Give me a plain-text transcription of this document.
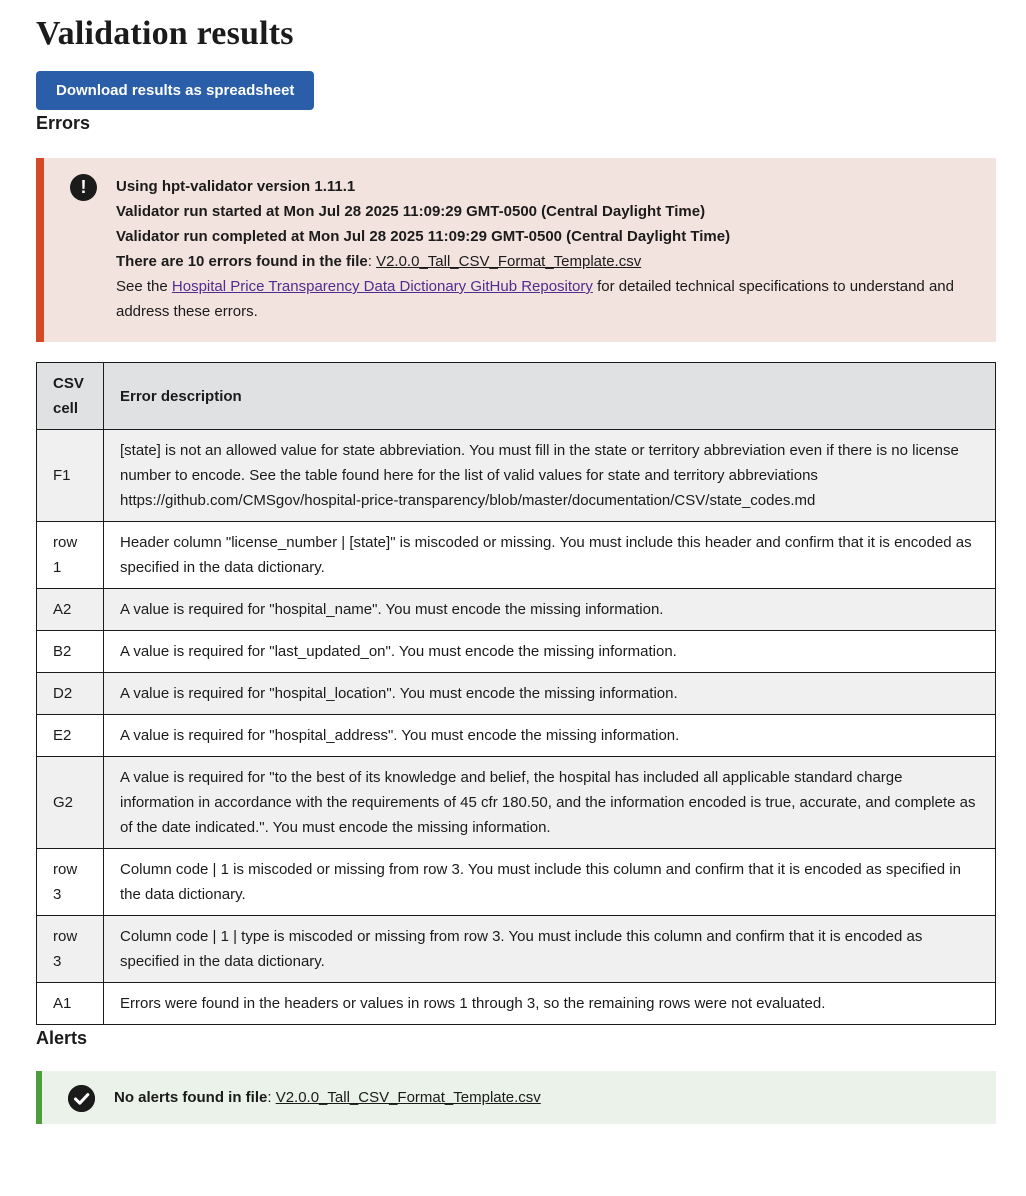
Validation results
Download results as spreadsheet
Errors
!	Using hpt-validator version 1.11.1

Validator run started at Mon Jul 28 2025 11:09:29 GMT-0500 (Central Daylight Time)

Validator run completed at Mon Jul 28 2025 11:09:29 GMT-0500 (Central Daylight Time)

There are 10 errors found in the file: V2.0.0_Tall_CSV_Format_Template.csv

See the Hospital Price Transparency Data Dictionary GitHub Repository for detailed technical specifications to understand and address these errors.

CSV cell	Error description
F1	[state] is not an allowed value for state abbreviation. You must fill in the state or territory abbreviation even if there is no license number to encode. See the table found here for the list of valid values for state and territory abbreviations https://github.com/CMSgov/hospital-price-transparency/blob/master/documentation/CSV/state_codes.md
row 1	Header column "license_number | [state]" is miscoded or missing. You must include this header and confirm that it is encoded as specified in the data dictionary.
A2	A value is required for "hospital_name". You must encode the missing information.
B2	A value is required for "last_updated_on". You must encode the missing information.
D2	A value is required for "hospital_location". You must encode the missing information.
E2	A value is required for "hospital_address". You must encode the missing information.
G2	A value is required for "to the best of its knowledge and belief, the hospital has included all applicable standard charge information in accordance with the requirements of 45 cfr 180.50, and the information encoded is true, accurate, and complete as of the date indicated.". You must encode the missing information.
row 3	Column code | 1 is miscoded or missing from row 3. You must include this column and confirm that it is encoded as specified in the data dictionary.
row 3	Column code | 1 | type is miscoded or missing from row 3. You must include this column and confirm that it is encoded as specified in the data dictionary.
A1	Errors were found in the headers or values in rows 1 through 3, so the remaining rows were not evaluated.
Alerts

No alerts found in file: V2.0.0_Tall_CSV_Format_Template.csv
